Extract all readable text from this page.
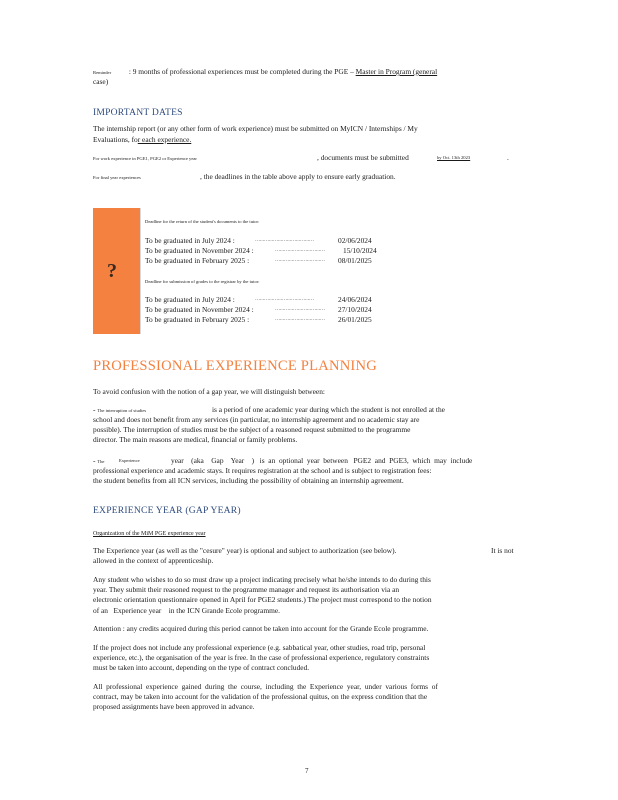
Reminder : 9 months of professional experiences must be completed during the PGE – Master in Program (general
case)
IMPORTANT DATES
The internship report (or any other form of work experience) must be submitted on MyICN / Internships / My
Evaluations, for each experience.
For work experience in PGE1, PGE2 or Experience year	, documents must be submitted	by Oct. 13th 2023	.
For final year experiences	, the deadlines in the table above apply to ensure early graduation.
?
Deadline for the return of the student's documents to the tutor:
To be graduated in July 2024 :	…………………………………	02/06/2024
To be graduated in November 2024 :	……………………………	15/10/2024
To be graduated in February 2025 :	…………………………… 08/01/2025
Deadline for submission of grades to the registrar by the tutor:
To be graduated in July 2024 :	…………………………………	24/06/2024
To be graduated in November 2024 :	…………………………… 27/10/2024
To be graduated in February 2025 :	…………………………… 26/01/2025
PROFESSIONAL EXPERIENCE PLANNING
To avoid confusion with the notion of a gap year, we will distinguish between:
- The interruption of studies	is a period of one academic year during which the student is not enrolled at the
school and does not benefit from any services (in particular, no internship agreement and no academic stay are
possible). The interruption of studies must be the subject of a reasoned request submitted to the programme
director. The main reasons are medical, financial or family problems.
- The	Experience	year    (aka    Gap    Year    )   is  an  optional  year  between   PGE2  and  PGE3,  which  may  include
professional experience and academic stays. It requires registration at the school and is subject to registration fees:
the student benefits from all ICN services, including the possibility of obtaining an internship agreement.
EXPERIENCE YEAR (GAP YEAR)
Organization of the MiM PGE experience year
The Experience year (as well as the "cesure" year) is optional and subject to authorization (see below).	It is not
allowed in the context of apprenticeship.
Any student who wishes to do so must draw up a project indicating precisely what he/she intends to do during this
year. They submit their reasoned request to the programme manager and request its authorisation via an
electronic orientation questionnaire opened in April for PGE2 students.) The project must correspond to the notion
of an   Experience year    in the ICN Grande Ecole programme.
Attention : any credits acquired during this period cannot be taken into account for the Grande Ecole programme.
If the project does not include any professional experience (e.g. sabbatical year, other studies, road trip, personal
experience, etc.), the organisation of the year is free. In the case of professional experience, regulatory constraints
must be taken into account, depending on the type of contract concluded.
All  professional  experience  gained  during  the  course,  including  the  Experience  year,  under  various  forms  of
contract, may be taken into account for the validation of the professional quitus, on the express condition that the
proposed assignments have been approved in advance.
7
